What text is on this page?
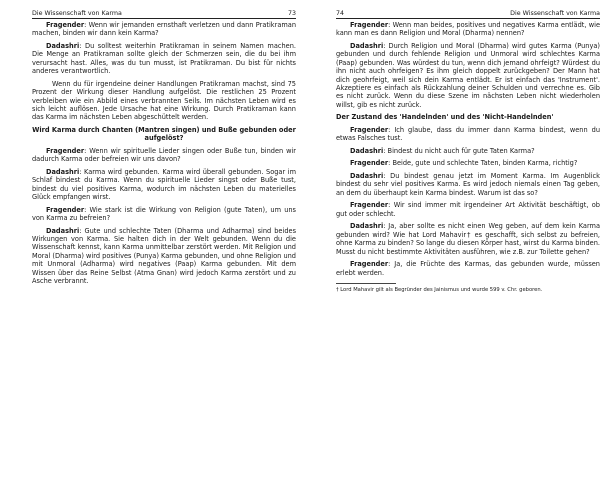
Die Wissenschaft von Karma	73

Fragender: Wenn wir jemanden ernsthaft verletzen und dann Pratikraman machen, binden wir dann kein Karma?

Dadashri: Du solltest weiterhin Pratikraman in seinem Namen machen. Die Menge an Pratikraman sollte gleich der Schmerzen sein, die du bei ihm verursacht hast. Alles, was du tun musst, ist Pratikraman. Du bist für nichts anderes verantwortlich.

Wenn du für irgendeine deiner Handlungen Pratikraman machst, sind 75 Prozent der Wirkung dieser Handlung aufgelöst. Die restlichen 25 Prozent verbleiben wie ein Abbild eines verbrannten Seils. Im nächsten Leben wird es sich leicht auflösen. Jede Ursache hat eine Wirkung. Durch Pratikraman kann das Karma im nächsten Leben abgeschüttelt werden.

Wird Karma durch Chanten (Mantren singen) und Buße gebunden oder aufgelöst?

Fragender: Wenn wir spirituelle Lieder singen oder Buße tun, binden wir dadurch Karma oder befreien wir uns davon?

Dadashri: Karma wird gebunden. Karma wird überall gebunden. Sogar im Schlaf bindest du Karma. Wenn du spirituelle Lieder singst oder Buße tust, bindest du viel positives Karma, wodurch im nächsten Leben du materielles Glück empfangen wirst.

Fragender: Wie stark ist die Wirkung von Religion (gute Taten), um uns von Karma zu befreien?

Dadashri: Gute und schlechte Taten (Dharma und Adharma) sind beides Wirkungen von Karma. Sie halten dich in der Welt gebunden. Wenn du die Wissenschaft kennst, kann Karma unmittelbar zerstört werden. Mit Religion und Moral (Dharma) wird positives (Punya) Karma gebunden, und ohne Religion und mit Unmoral (Adharma) wird negatives (Paap) Karma gebunden. Mit dem Wissen über das Reine Selbst (Atma Gnan) wird jedoch Karma zerstört und zu Asche verbrannt.

74	Die Wissenschaft von Karma

Fragender: Wenn man beides, positives und negatives Karma entlädt, wie kann man es dann Religion und Moral (Dharma) nennen?

Dadashri: Durch Religion und Moral (Dharma) wird gutes Karma (Punya) gebunden und durch fehlende Religion und Unmoral wird schlechtes Karma (Paap) gebunden. Was würdest du tun, wenn dich jemand ohrfeigt? Würdest du ihn nicht auch ohrfeigen? Es ihm gleich doppelt zurückgeben? Der Mann hat dich geohrfeigt, weil sich dein Karma entlädt. Er ist einfach das 'Instrument'. Akzeptiere es einfach als Rückzahlung deiner Schulden und verrechne es. Gib es nicht zurück. Wenn du diese Szene im nächsten Leben nicht wiederholen willst, gib es nicht zurück.

Der Zustand des 'Handelnden' und des 'Nicht-Handelnden'

Fragender: Ich glaube, dass du immer dann Karma bindest, wenn du etwas Falsches tust.

Dadashri: Bindest du nicht auch für gute Taten Karma?

Fragender: Beide, gute und schlechte Taten, binden Karma, richtig?

Dadashri: Du bindest genau jetzt im Moment Karma. Im Augenblick bindest du sehr viel positives Karma. Es wird jedoch niemals einen Tag geben, an dem du überhaupt kein Karma bindest. Warum ist das so?

Fragender: Wir sind immer mit irgendeiner Art Aktivität beschäftigt, ob gut oder schlecht.

Dadashri: Ja, aber sollte es nicht einen Weg geben, auf dem kein Karma gebunden wird? Wie hat Lord Mahavir† es geschafft, sich selbst zu befreien, ohne Karma zu binden? So lange du diesen Körper hast, wirst du Karma binden. Musst du nicht bestimmte Aktivitäten ausführen, wie z.B. zur Toilette gehen?

Fragender: Ja, die Früchte des Karmas, das gebunden wurde, müssen erlebt werden.

† Lord Mahavir gilt als Begründer des Jainismus und wurde 599 v. Chr. geboren.
